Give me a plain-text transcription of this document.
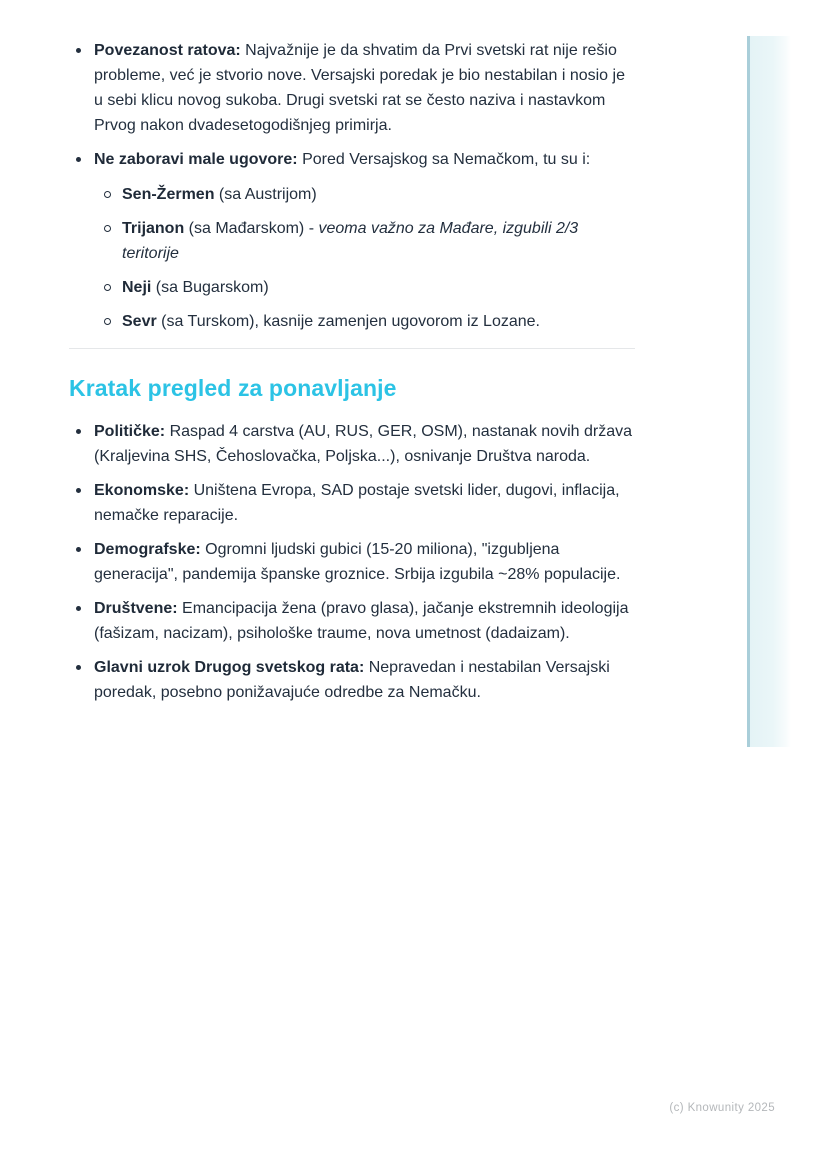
Povezanost ratova: Najvažnije je da shvatim da Prvi svetski rat nije rešio probleme, već je stvorio nove. Versajski poredak je bio nestabilan i nosio je u sebi klicu novog sukoba. Drugi svetski rat se često naziva i nastavkom Prvog nakon dvadesetogodišnjeg primirja.
Ne zaboravi male ugovore: Pored Versajskog sa Nemačkom, tu su i:
Sen-Žermen (sa Austrijom)
Trijanon (sa Mađarskom) - veoma važno za Mađare, izgubili 2/3 teritorije
Neji (sa Bugarskom)
Sevr (sa Turskom), kasnije zamenjen ugovorom iz Lozane.
Kratak pregled za ponavljanje
Političke: Raspad 4 carstva (AU, RUS, GER, OSM), nastanak novih država (Kraljevina SHS, Čehoslovačka, Poljska...), osnivanje Društva naroda.
Ekonomske: Uništena Evropa, SAD postaje svetski lider, dugovi, inflacija, nemačke reparacije.
Demografske: Ogromni ljudski gubici (15-20 miliona), "izgubljena generacija", pandemija španske groznice. Srbija izgubila ~28% populacije.
Društvene: Emancipacija žena (pravo glasa), jačanje ekstremnih ideologija (fašizam, nacizam), psihološke traume, nova umetnost (dadaizam).
Glavni uzrok Drugog svetskog rata: Nepravedan i nestabilan Versajski poredak, posebno ponižavajuće odredbe za Nemačku.
(c) Knowunity 2025
